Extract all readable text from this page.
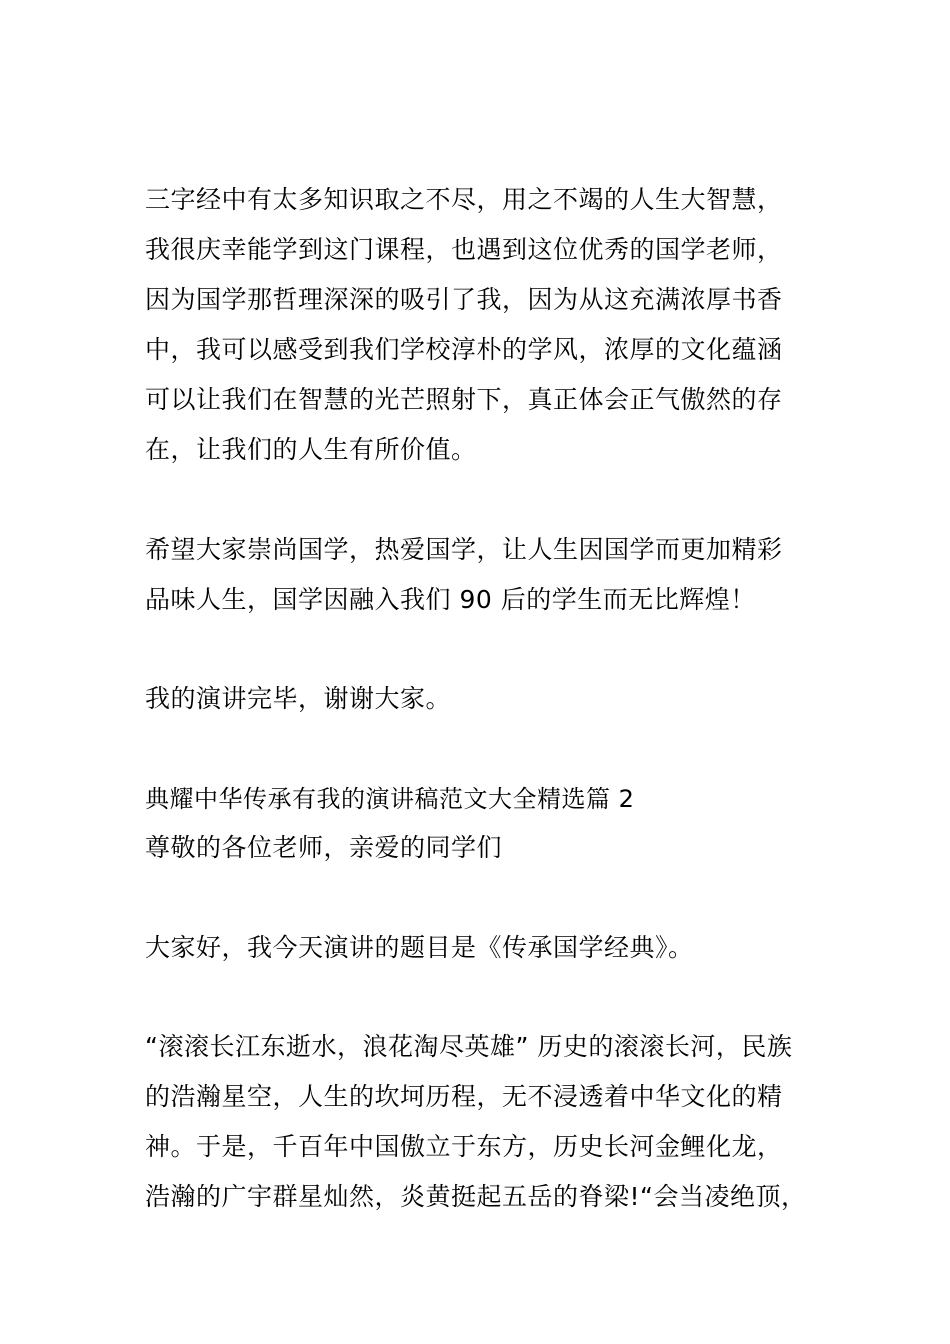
三字经中有太多知识取之不尽，用之不竭的人生大智慧，
我很庆幸能学到这门课程，也遇到这位优秀的国学老师，
因为国学那哲理深深的吸引了我，因为从这充满浓厚书香
中，我可以感受到我们学校淳朴的学风，浓厚的文化蕴涵
可以让我们在智慧的光芒照射下，真正体会正气傲然的存
在，让我们的人生有所价值。
希望大家崇尚国学，热爱国学，让人生因国学而更加精彩
品味人生，国学因融入我们 90 后的学生而无比辉煌！
我的演讲完毕，谢谢大家。
典耀中华传承有我的演讲稿范文大全精选篇 2
尊敬的各位老师，亲爱的同学们
大家好，我今天演讲的题目是《传承国学经典》。
“滚滚长江东逝水，浪花淘尽英雄” 历史的滚滚长河，民族
的浩瀚星空，人生的坎坷历程，无不浸透着中华文化的精
神。于是，千百年中国傲立于东方，历史长河金鲤化龙，
浩瀚的广宇群星灿然，炎黄挺起五岳的脊梁!“会当凌绝顶，
